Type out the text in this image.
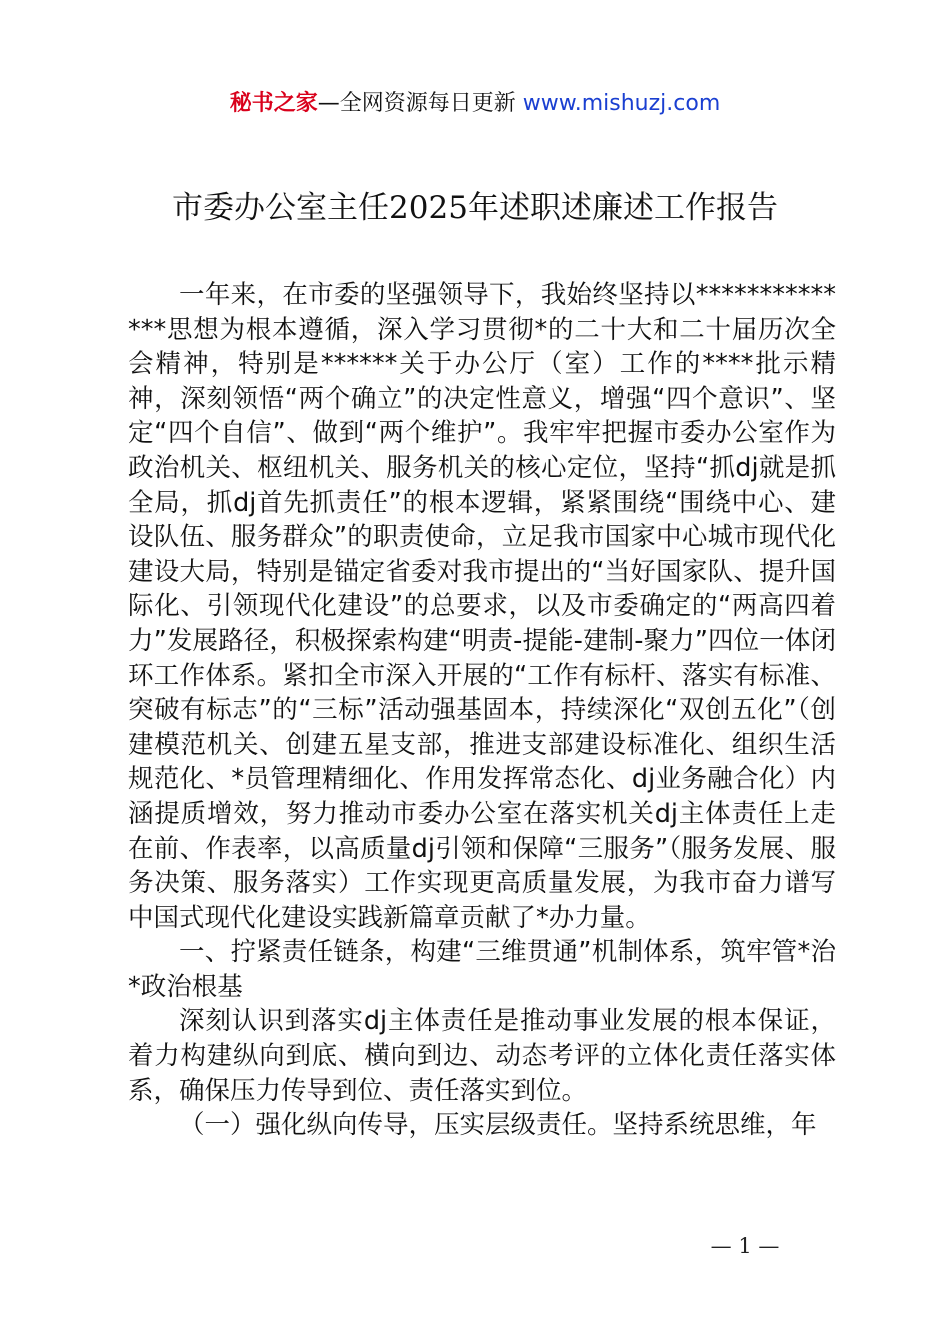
秘书之家—全网资源每日更新 www.mishuzj.com
市委办公室主任2025年述职述廉述工作报告

一年来，在市委的坚强领导下，我始终坚持以**************思想为根本遵循，深入学习贯彻*的二十大和二十届历次全会精神，特别是******关于办公厅（室）工作的****批示精神，深刻领悟“两个确立”的决定性意义，增强“四个意识”、坚定“四个自信”、做到“两个维护”。我牢牢把握市委办公室作为政治机关、枢纽机关、服务机关的核心定位，坚持“抓dj就是抓全局，抓dj首先抓责任”的根本逻辑，紧紧围绕“围绕中心、建设队伍、服务群众”的职责使命，立足我市国家中心城市现代化建设大局，特别是锚定省委对我市提出的“当好国家队、提升国际化、引领现代化建设”的总要求，以及市委确定的“两高四着力”发展路径，积极探索构建“明责-提能-建制-聚力”四位一体闭环工作体系。紧扣全市深入开展的“工作有标杆、落实有标准、突破有标志”的“三标”活动强基固本，持续深化“双创五化”（创建模范机关、创建五星支部，推进支部建设标准化、组织生活规范化、*员管理精细化、作用发挥常态化、dj业务融合化）内涵提质增效，努力推动市委办公室在落实机关dj主体责任上走在前、作表率，以高质量dj引领和保障“三服务”（服务发展、服务决策、服务落实）工作实现更高质量发展，为我市奋力谱写中国式现代化建设实践新篇章贡献了*办力量。

一、拧紧责任链条，构建“三维贯通”机制体系，筑牢管*治*政治根基

深刻认识到落实dj主体责任是推动事业发展的根本保证，着力构建纵向到底、横向到边、动态考评的立体化责任落实体系，确保压力传导到位、责任落实到位。

（一）强化纵向传导，压实层级责任。坚持系统思维，年

— 1 —
